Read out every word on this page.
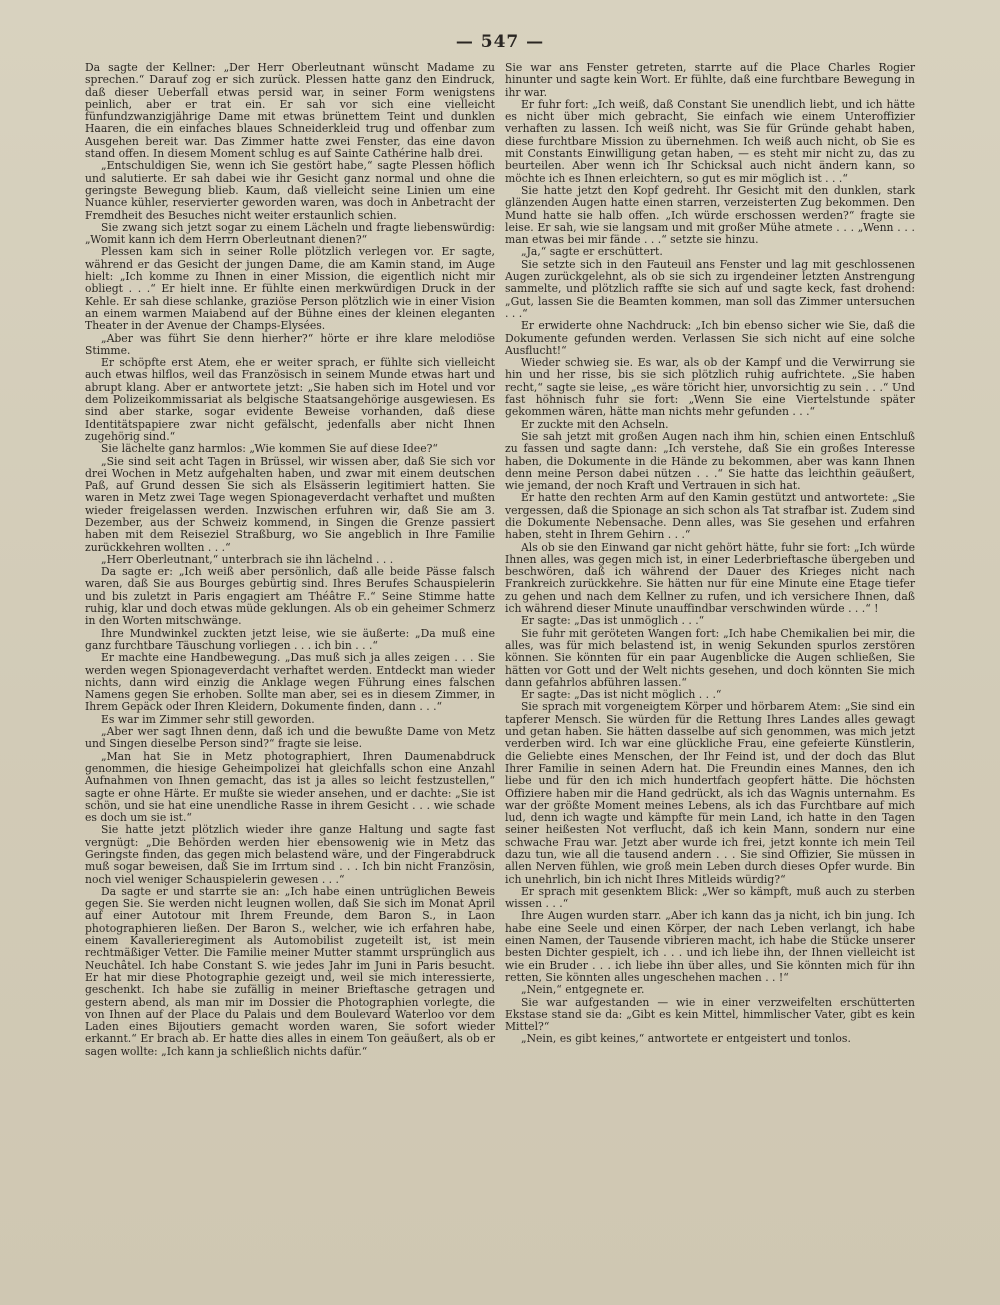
— 547 —

Da sagte der Kellner: „Der Herr Oberleutnant wünscht Madame zu sprechen.“ Darauf zog er sich zurück. Plessen hatte ganz den Eindruck, daß dieser Ueberfall etwas persid war, in seiner Form wenigstens peinlich, aber er trat ein. Er sah vor sich eine vielleicht fünfundzwanzigjährige Dame mit etwas brünettem Teint und dunklen Haaren, die ein einfaches blaues Schneiderkleid trug und offenbar zum Ausgehen bereit war. Das Zimmer hatte zwei Fenster, das eine davon stand offen. In diesem Moment schlug es auf Sainte Cathérine halb drei.

„Entschuldigen Sie, wenn ich Sie gestört habe,“ sagte Plessen höflich und salutierte. Er sah dabei wie ihr Gesicht ganz normal und ohne die geringste Bewegung blieb. Kaum, daß vielleicht seine Linien um eine Nuance kühler, reservierter geworden waren, was doch in Anbetracht der Fremdheit des Besuches nicht weiter erstaunlich schien.

Sie zwang sich jetzt sogar zu einem Lächeln und fragte liebenswürdig: „Womit kann ich dem Herrn Oberleutnant dienen?“

Plessen kam sich in seiner Rolle plötzlich verlegen vor. Er sagte, während er das Gesicht der jungen Dame, die am Kamin stand, im Auge hielt: „Ich komme zu Ihnen in einer Mission, die eigentlich nicht mir obliegt . . .“ Er hielt inne. Er fühlte einen merkwürdigen Druck in der Kehle. Er sah diese schlanke, graziöse Person plötzlich wie in einer Vision an einem warmen Maiabend auf der Bühne eines der kleinen eleganten Theater in der Avenue der Champs-Elysées.

„Aber was führt Sie denn hierher?“ hörte er ihre klare melodiöse Stimme.

Er schöpfte erst Atem, ehe er weiter sprach, er fühlte sich vielleicht auch etwas hilflos, weil das Französisch in seinem Munde etwas hart und abrupt klang. Aber er antwortete jetzt: „Sie haben sich im Hotel und vor dem Polizeikommissariat als belgische Staatsangehörige ausgewiesen. Es sind aber starke, sogar evidente Beweise vorhanden, daß diese Identitätspapiere zwar nicht gefälscht, jedenfalls aber nicht Ihnen zugehörig sind.“

Sie lächelte ganz harmlos: „Wie kommen Sie auf diese Idee?“

„Sie sind seit acht Tagen in Brüssel, wir wissen aber, daß Sie sich vor drei Wochen in Metz aufgehalten haben, und zwar mit einem deutschen Paß, auf Grund dessen Sie sich als Elsässerin legitimiert hatten. Sie waren in Metz zwei Tage wegen Spionageverdacht verhaftet und mußten wieder freigelassen werden. Inzwischen erfuhren wir, daß Sie am 3. Dezember, aus der Schweiz kommend, in Singen die Grenze passiert haben mit dem Reiseziel Straßburg, wo Sie angeblich in Ihre Familie zurückkehren wollten . . .“

„Herr Oberleutnant,“ unterbrach sie ihn lächelnd . . .

Da sagte er: „Ich weiß aber persönlich, daß alle beide Pässe falsch waren, daß Sie aus Bourges gebürtig sind. Ihres Berufes Schauspielerin und bis zuletzt in Paris engagiert am Théâtre F..“ Seine Stimme hatte ruhig, klar und doch etwas müde geklungen. Als ob ein geheimer Schmerz in den Worten mitschwänge.

Ihre Mundwinkel zuckten jetzt leise, wie sie äußerte: „Da muß eine ganz furchtbare Täuschung vorliegen . . . ich bin . . .“

Er machte eine Handbewegung. „Das muß sich ja alles zeigen . . . Sie werden wegen Spionageverdacht verhaftet werden. Entdeckt man wieder nichts, dann wird einzig die Anklage wegen Führung eines falschen Namens gegen Sie erhoben. Sollte man aber, sei es in diesem Zimmer, in Ihrem Gepäck oder Ihren Kleidern, Dokumente finden, dann . . .“

Es war im Zimmer sehr still geworden.

„Aber wer sagt Ihnen denn, daß ich und die bewußte Dame von Metz und Singen dieselbe Person sind?“ fragte sie leise.

„Man hat Sie in Metz photographiert, Ihren Daumenabdruck genommen, die hiesige Geheimpolizei hat gleichfalls schon eine Anzahl Aufnahmen von Ihnen gemacht, das ist ja alles so leicht festzustellen,“ sagte er ohne Härte. Er mußte sie wieder ansehen, und er dachte: „Sie ist schön, und sie hat eine unendliche Rasse in ihrem Gesicht . . . wie schade es doch um sie ist.“

Sie hatte jetzt plötzlich wieder ihre ganze Haltung und sagte fast vergnügt: „Die Behörden werden hier ebensowenig wie in Metz das Geringste finden, das gegen mich belastend wäre, und der Fingerabdruck muß sogar beweisen, daß Sie im Irrtum sind . . . Ich bin nicht Französin, noch viel weniger Schauspielerin gewesen . . .“

Da sagte er und starrte sie an: „Ich habe einen untrüglichen Beweis gegen Sie. Sie werden nicht leugnen wollen, daß Sie sich im Monat April auf einer Autotour mit Ihrem Freunde, dem Baron S., in Laon photographieren ließen. Der Baron S., welcher, wie ich erfahren habe, einem Kavallerieregiment als Automobilist zugeteilt ist, ist mein rechtmäßiger Vetter. Die Familie meiner Mutter stammt ursprünglich aus Neuchâtel. Ich habe Constant S. wie jedes Jahr im Juni in Paris besucht. Er hat mir diese Photographie gezeigt und, weil sie mich interessierte, geschenkt. Ich habe sie zufällig in meiner Brieftasche getragen und gestern abend, als man mir im Dossier die Photographien vorlegte, die von Ihnen auf der Place du Palais und dem Boulevard Waterloo vor dem Laden eines Bijoutiers gemacht worden waren, Sie sofort wieder erkannt.“ Er brach ab. Er hatte dies alles in einem Ton geäußert, als ob er sagen wollte: „Ich kann ja schließlich nichts dafür.“

Sie war ans Fenster getreten, starrte auf die Place Charles Rogier hinunter und sagte kein Wort. Er fühlte, daß eine furchtbare Bewegung in ihr war.

Er fuhr fort: „Ich weiß, daß Constant Sie unendlich liebt, und ich hätte es nicht über mich gebracht, Sie einfach wie einem Unteroffizier verhaften zu lassen. Ich weiß nicht, was Sie für Gründe gehabt haben, diese furchtbare Mission zu übernehmen. Ich weiß auch nicht, ob Sie es mit Constants Einwilligung getan haben, — es steht mir nicht zu, das zu beurteilen. Aber wenn ich Ihr Schicksal auch nicht ändern kann, so möchte ich es Ihnen erleichtern, so gut es mir möglich ist . . .“

Sie hatte jetzt den Kopf gedreht. Ihr Gesicht mit den dunklen, stark glänzenden Augen hatte einen starren, verzeisterten Zug bekommen. Den Mund hatte sie halb offen. „Ich würde erschossen werden?“ fragte sie leise. Er sah, wie sie langsam und mit großer Mühe atmete . . . „Wenn . . . man etwas bei mir fände . . .“ setzte sie hinzu.

„Ja,“ sagte er erschüttert.

Sie setzte sich in den Fauteuil ans Fenster und lag mit geschlossenen Augen zurückgelehnt, als ob sie sich zu irgendeiner letzten Anstrengung sammelte, und plötzlich raffte sie sich auf und sagte keck, fast drohend: „Gut, lassen Sie die Beamten kommen, man soll das Zimmer untersuchen . . .“

Er erwiderte ohne Nachdruck: „Ich bin ebenso sicher wie Sie, daß die Dokumente gefunden werden. Verlassen Sie sich nicht auf eine solche Ausflucht!“

Wieder schwieg sie. Es war, als ob der Kampf und die Verwirrung sie hin und her risse, bis sie sich plötzlich ruhig aufrichtete. „Sie haben recht,“ sagte sie leise, „es wäre töricht hier, unvorsichtig zu sein . . .“ Und fast höhnisch fuhr sie fort: „Wenn Sie eine Viertelstunde später gekommen wären, hätte man nichts mehr gefunden . . .“

Er zuckte mit den Achseln.

Sie sah jetzt mit großen Augen nach ihm hin, schien einen Entschluß zu fassen und sagte dann: „Ich verstehe, daß Sie ein großes Interesse haben, die Dokumente in die Hände zu bekommen, aber was kann Ihnen denn meine Person dabei nützen . . .“ Sie hatte das leichthin geäußert, wie jemand, der noch Kraft und Vertrauen in sich hat.

Er hatte den rechten Arm auf den Kamin gestützt und antwortete: „Sie vergessen, daß die Spionage an sich schon als Tat strafbar ist. Zudem sind die Dokumente Nebensache. Denn alles, was Sie gesehen und erfahren haben, steht in Ihrem Gehirn . . .“

Als ob sie den Einwand gar nicht gehört hätte, fuhr sie fort: „Ich würde Ihnen alles, was gegen mich ist, in einer Lederbrieftasche übergeben und beschwören, daß ich während der Dauer des Krieges nicht nach Frankreich zurückkehre. Sie hätten nur für eine Minute eine Etage tiefer zu gehen und nach dem Kellner zu rufen, und ich versichere Ihnen, daß ich während dieser Minute unauffindbar verschwinden würde . . .“ !

Er sagte: „Das ist unmöglich . . .“

Sie fuhr mit geröteten Wangen fort: „Ich habe Chemikalien bei mir, die alles, was für mich belastend ist, in wenig Sekunden spurlos zerstören können. Sie könnten für ein paar Augenblicke die Augen schließen, Sie hätten vor Gott und der Welt nichts gesehen, und doch könnten Sie mich dann gefahrlos abführen lassen.“

Er sagte: „Das ist nicht möglich . . .“

Sie sprach mit vorgeneigtem Körper und hörbarem Atem: „Sie sind ein tapferer Mensch. Sie würden für die Rettung Ihres Landes alles gewagt und getan haben. Sie hätten dasselbe auf sich genommen, was mich jetzt verderben wird. Ich war eine glückliche Frau, eine gefeierte Künstlerin, die Geliebte eines Menschen, der Ihr Feind ist, und der doch das Blut Ihrer Familie in seinen Adern hat. Die Freundin eines Mannes, den ich liebe und für den ich mich hundertfach geopfert hätte. Die höchsten Offiziere haben mir die Hand gedrückt, als ich das Wagnis unternahm. Es war der größte Moment meines Lebens, als ich das Furchtbare auf mich lud, denn ich wagte und kämpfte für mein Land, ich hatte in den Tagen seiner heißesten Not verflucht, daß ich kein Mann, sondern nur eine schwache Frau war. Jetzt aber wurde ich frei, jetzt konnte ich mein Teil dazu tun, wie all die tausend andern . . . Sie sind Offizier, Sie müssen in allen Nerven fühlen, wie groß mein Leben durch dieses Opfer wurde. Bin ich unehrlich, bin ich nicht Ihres Mitleids würdig?“

Er sprach mit gesenktem Blick: „Wer so kämpft, muß auch zu sterben wissen . . .“

Ihre Augen wurden starr. „Aber ich kann das ja nicht, ich bin jung. Ich habe eine Seele und einen Körper, der nach Leben verlangt, ich habe einen Namen, der Tausende vibrieren macht, ich habe die Stücke unserer besten Dichter gespielt, ich . . . und ich liebe ihn, der Ihnen vielleicht ist wie ein Bruder . . . ich liebe ihn über alles, und Sie könnten mich für ihn retten, Sie könnten alles ungeschehen machen . . !“

„Nein,“ entgegnete er.

Sie war aufgestanden — wie in einer verzweifelten erschütterten Ekstase stand sie da: „Gibt es kein Mittel, himmlischer Vater, gibt es kein Mittel?“

„Nein, es gibt keines,“ antwortete er entgeistert und tonlos.
